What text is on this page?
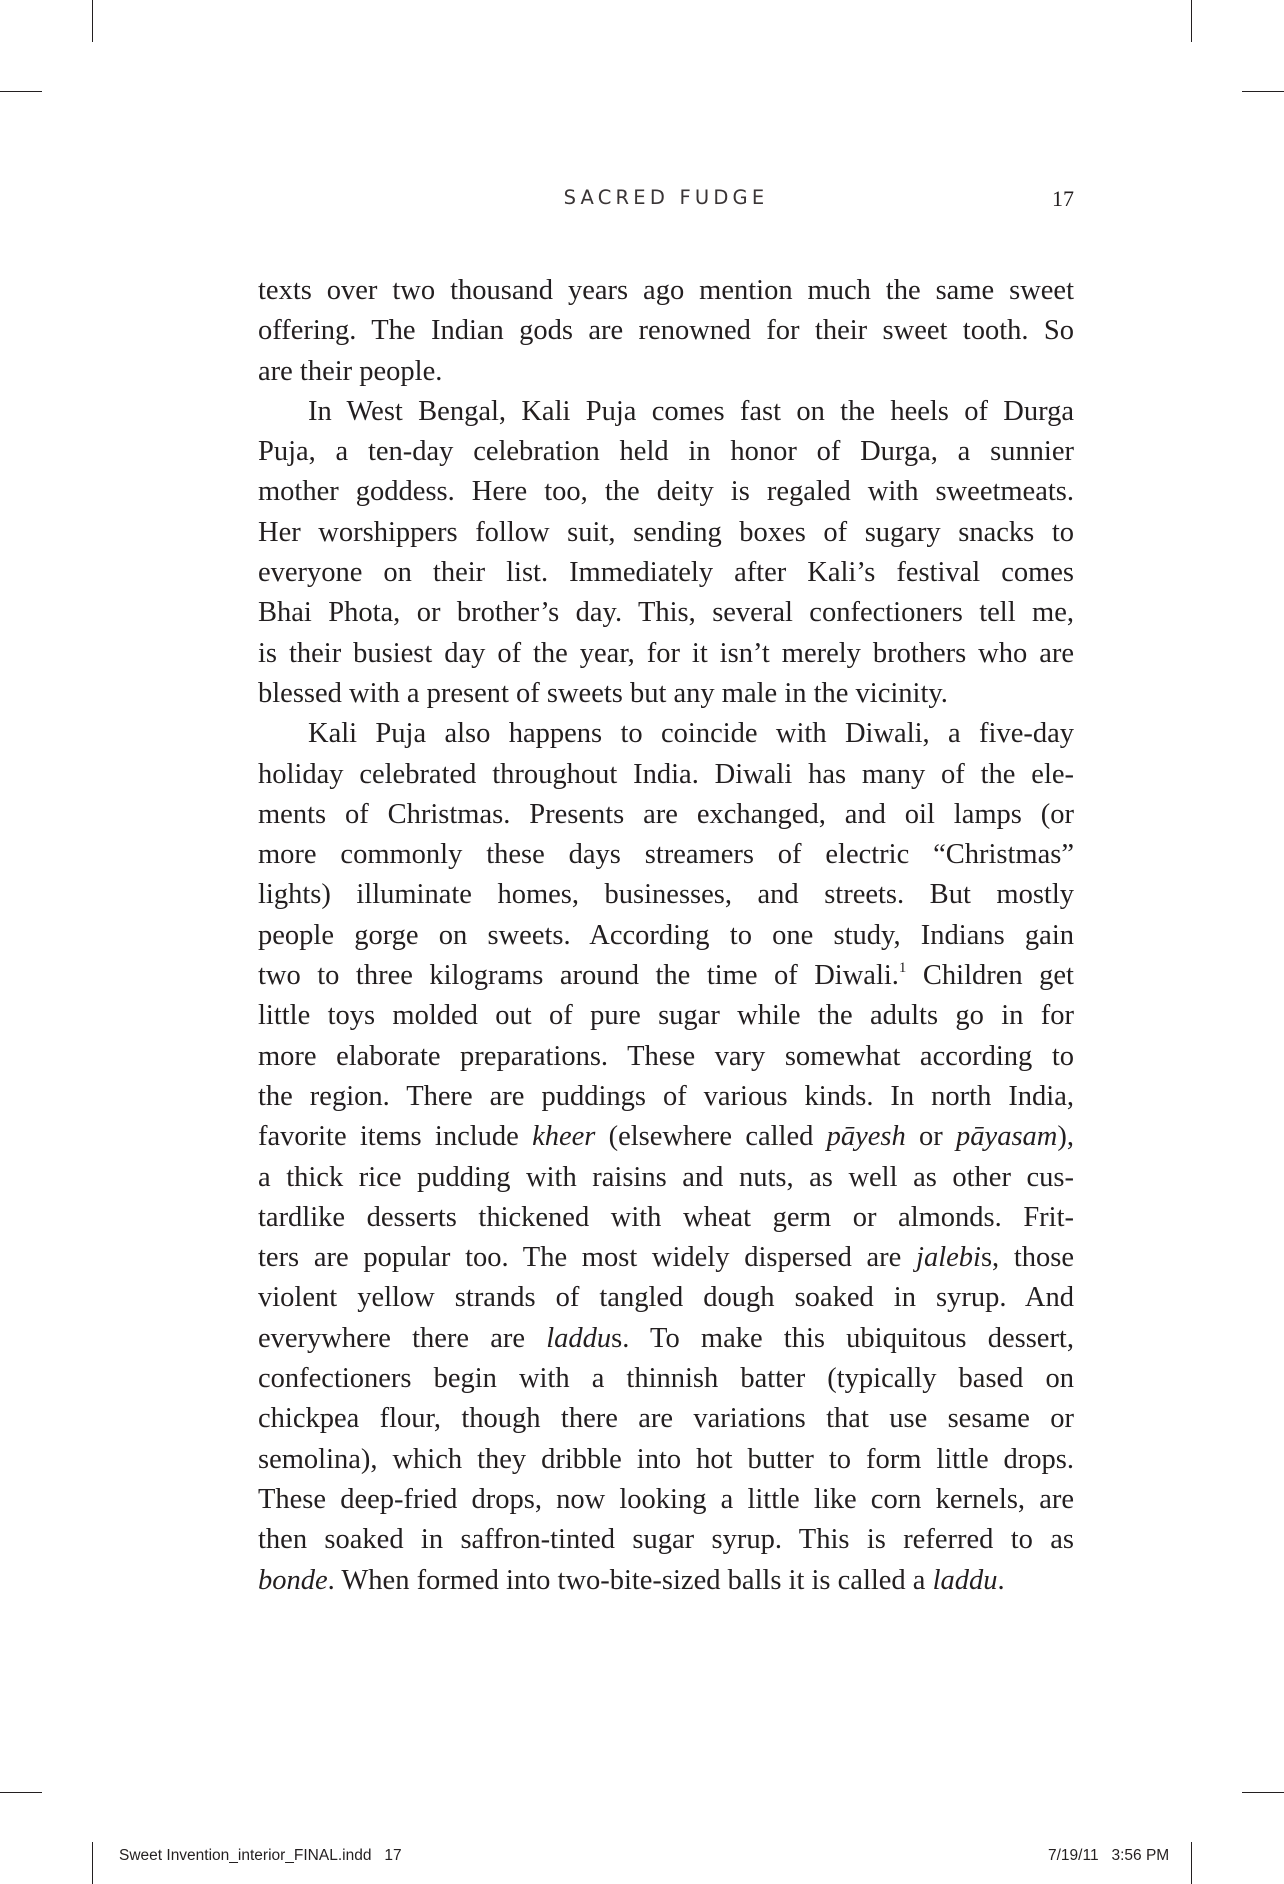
SACRED FUDGE	17
texts over two thousand years ago mention much the same sweet
offering. The Indian gods are renowned for their sweet tooth. So
are their people.
In West Bengal, Kali Puja comes fast on the heels of Durga
Puja, a ten-day celebration held in honor of Durga, a sunnier
mother goddess. Here too, the deity is regaled with sweetmeats.
Her worshippers follow suit, sending boxes of sugary snacks to
everyone on their list. Immediately after Kali’s festival comes
Bhai Phota, or brother’s day. This, several confectioners tell me,
is their busiest day of the year, for it isn’t merely brothers who are
blessed with a present of sweets but any male in the vicinity.
Kali Puja also happens to coincide with Diwali, a five-day
holiday celebrated throughout India. Diwali has many of the ele-
ments of Christmas. Presents are exchanged, and oil lamps (or
more commonly these days streamers of electric “Christmas”
lights) illuminate homes, businesses, and streets. But mostly
people gorge on sweets. According to one study, Indians gain
two to three kilograms around the time of Diwali.$^1$ Children get
little toys molded out of pure sugar while the adults go in for
more elaborate preparations. These vary somewhat according to
the region. There are puddings of various kinds. In north India,
favorite items include kheer (elsewhere called pāyesh or pāyasam),
a thick rice pudding with raisins and nuts, as well as other cus-
tardlike desserts thickened with wheat germ or almonds. Frit-
ters are popular too. The most widely dispersed are jalebis, those
violent yellow strands of tangled dough soaked in syrup. And
everywhere there are laddus. To make this ubiquitous dessert,
confectioners begin with a thinnish batter (typically based on
chickpea flour, though there are variations that use sesame or
semolina), which they dribble into hot butter to form little drops.
These deep-fried drops, now looking a little like corn kernels, are
then soaked in saffron-tinted sugar syrup. This is referred to as
bonde. When formed into two-bite-sized balls it is called a laddu.
Sweet Invention_interior_FINAL.indd   17	7/19/11   3:56 PM
